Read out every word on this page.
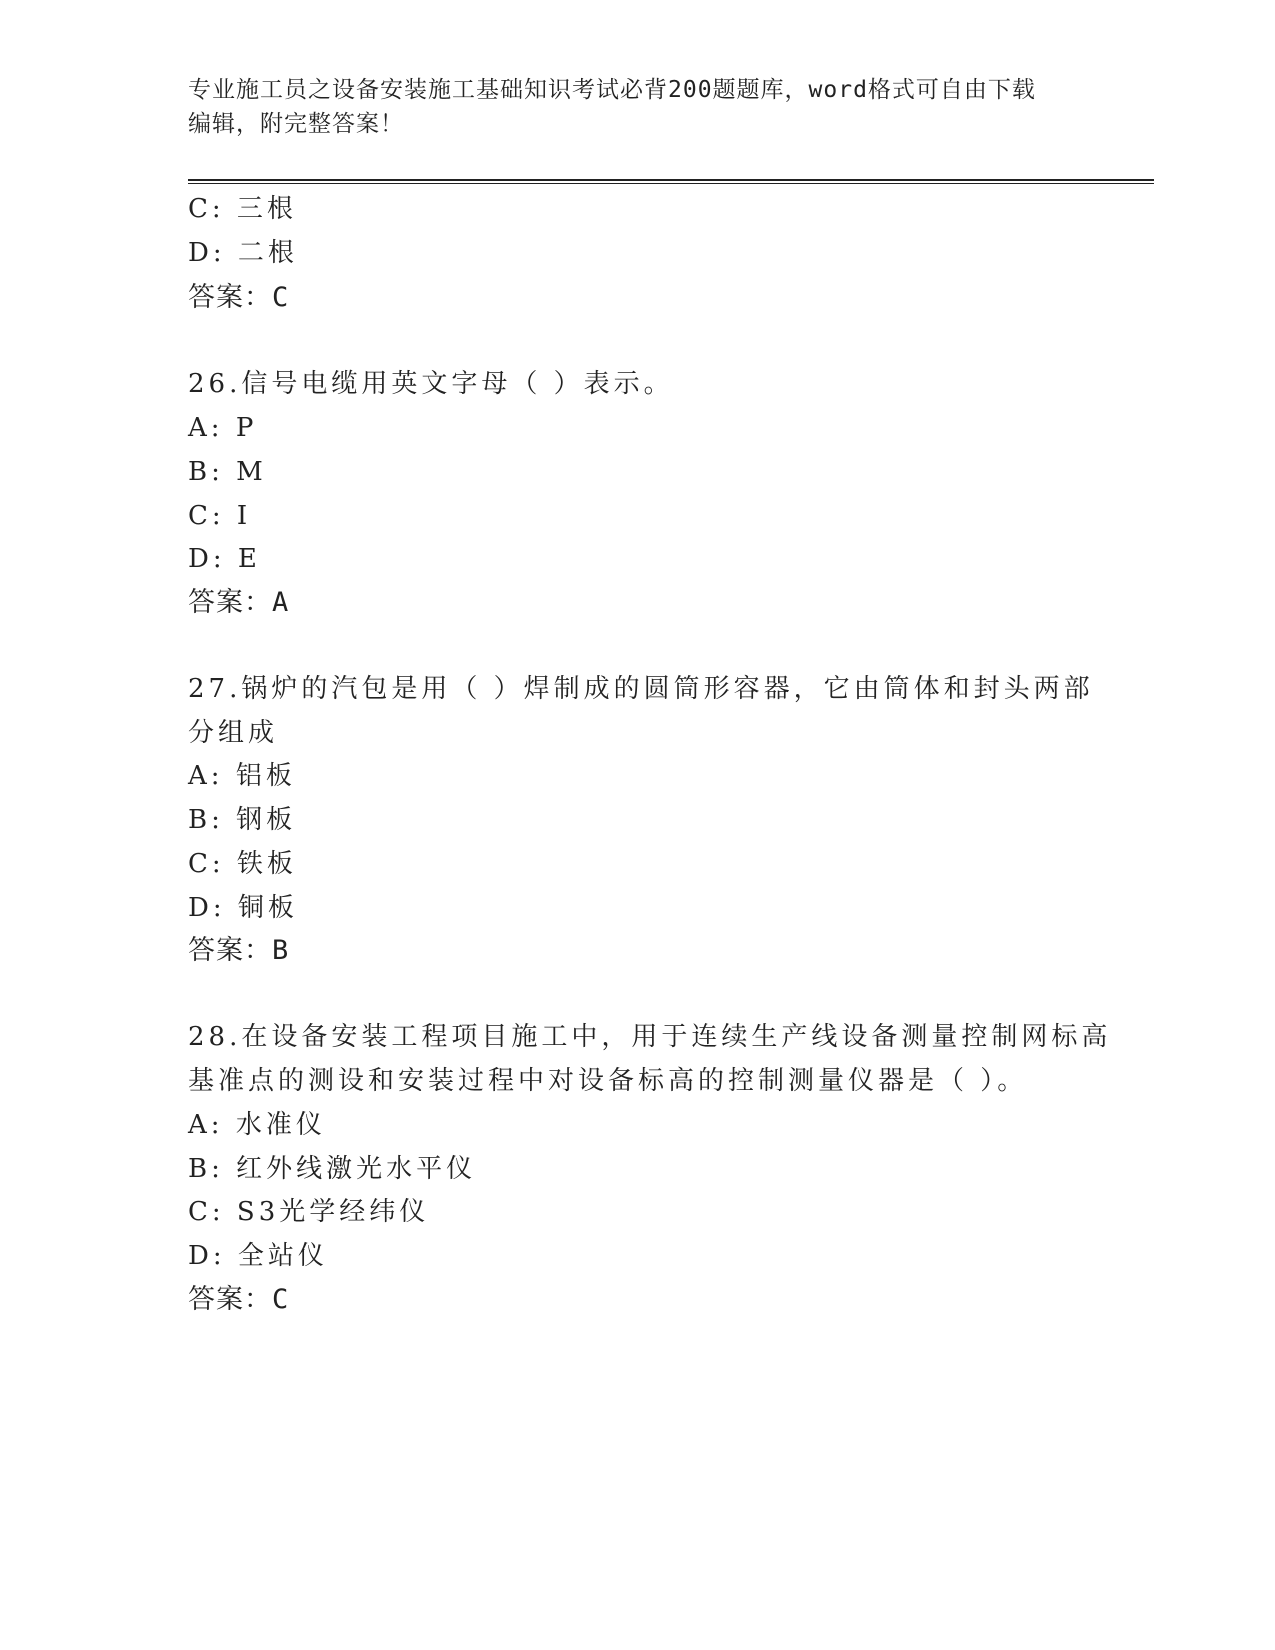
专业施工员之设备安装施工基础知识考试必背200题题库，word格式可自由下载
编辑，附完整答案！
C: 三根
D: 二根
答案：C
26.信号电缆用英文字母（ ）表示。
A: P
B: M
C: I
D: E
答案：A
27.锅炉的汽包是用（ ）焊制成的圆筒形容器，它由筒体和封头两部
分组成
A: 铝板
B: 钢板
C: 铁板
D: 铜板
答案：B
28.在设备安装工程项目施工中，用于连续生产线设备测量控制网标高
基准点的测设和安装过程中对设备标高的控制测量仪器是（ ）。
A: 水准仪
B: 红外线激光水平仪
C: S3光学经纬仪
D: 全站仪
答案：C
